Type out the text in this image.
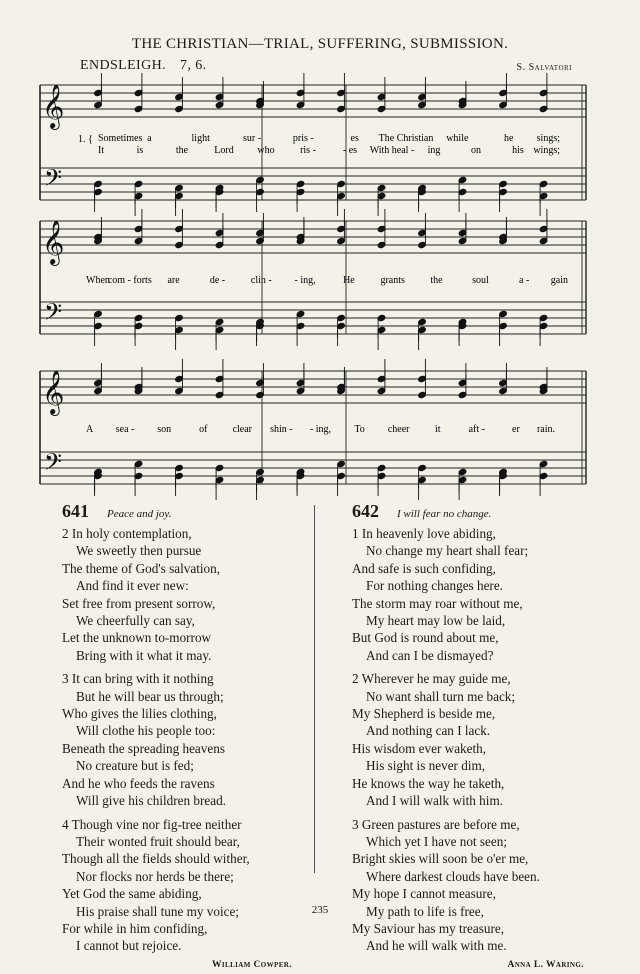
THE CHRISTIAN—TRIAL, SUFFERING, SUBMISSION.
ENDSLEIGH. 7, 6.	S. Salvatori
𝄞
𝄢
𝄞
𝄢
𝄞
𝄢
1. { Sometimes a	light	sur -	pris -	es The Christian while	he sings;
It	is	the	Lord who	ris -	- es With heal - ing	on	his wings;
When
com - forts are	de -	clin - - ing,	He	grants	the	soul	a - gain
A sea - son	of	clear shin - - ing, To cheer	it	aft -	er rain.
641 Peace and joy.
2 In holy contemplation,
We sweetly then pursue
The theme of God's salvation,
And find it ever new:
Set free from present sorrow,
We cheerfully can say,
Let the unknown to-morrow
Bring with it what it may.
3 It can bring with it nothing
But he will bear us through;
Who gives the lilies clothing,
Will clothe his people too:
Beneath the spreading heavens
No creature but is fed;
And he who feeds the ravens
Will give his children bread.
4 Though vine nor fig-tree neither
Their wonted fruit should bear,
Though all the fields should wither,
Nor flocks nor herds be there;
Yet God the same abiding,
His praise shall tune my voice;
For while in him confiding,
I cannot but rejoice.
William Cowper.
642 I will fear no change.
1 In heavenly love abiding,
No change my heart shall fear;
And safe is such confiding,
For nothing changes here.
The storm may roar without me,
My heart may low be laid,
But God is round about me,
And can I be dismayed?
2 Wherever he may guide me,
No want shall turn me back;
My Shepherd is beside me,
And nothing can I lack.
His wisdom ever waketh,
His sight is never dim,
He knows the way he taketh,
And I will walk with him.
3 Green pastures are before me,
Which yet I have not seen;
Bright skies will soon be o'er me,
Where darkest clouds have been.
My hope I cannot measure,
My path to life is free,
My Saviour has my treasure,
And he will walk with me.
Anna L. Waring.
235
